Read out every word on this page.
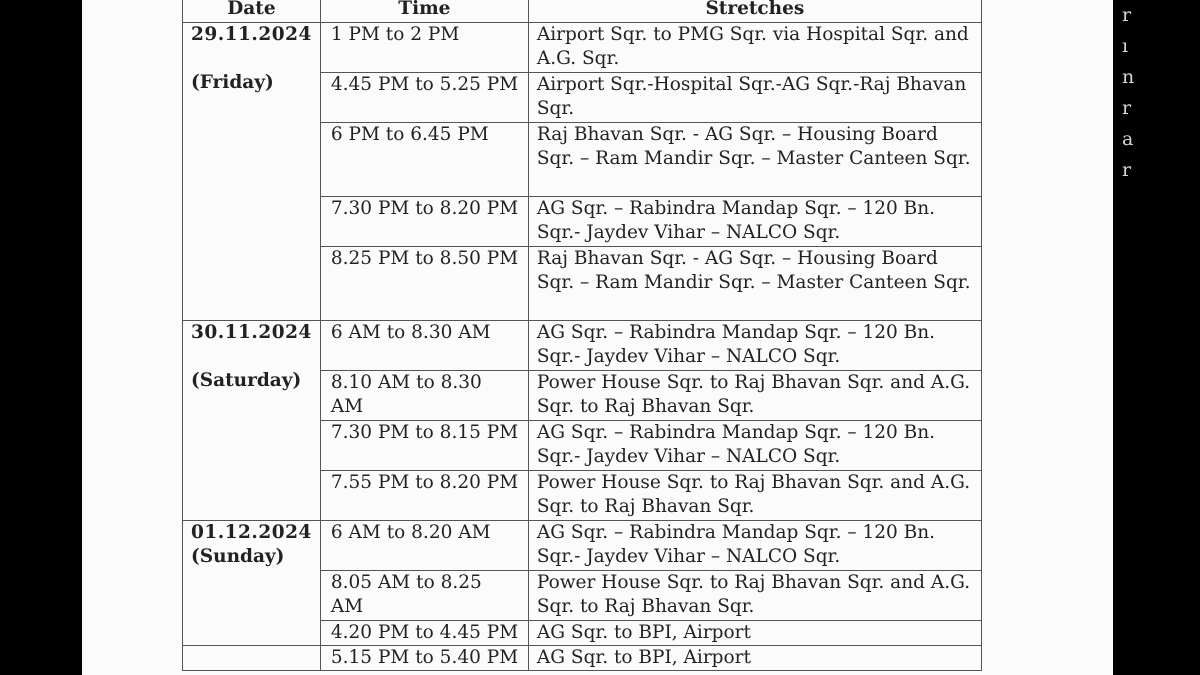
r
ı
n
r
a
r
Date	Time	Stretches

29.11.2024
(Friday)	1 PM to 2 PM	Airport Sqr. to PMG Sqr. via Hospital Sqr. and A.G. Sqr.
	4.45 PM to 5.25 PM	Airport Sqr.-Hospital Sqr.-AG Sqr.-Raj Bhavan Sqr.
	6 PM to 6.45 PM	Raj Bhavan Sqr. - AG Sqr. – Housing Board Sqr. – Ram Mandir Sqr. – Master Canteen Sqr.
	7.30 PM to 8.20 PM	AG Sqr. – Rabindra Mandap Sqr. – 120 Bn. Sqr.- Jaydev Vihar – NALCO Sqr.
	8.25 PM to 8.50 PM	Raj Bhavan Sqr. - AG Sqr. – Housing Board Sqr. – Ram Mandir Sqr. – Master Canteen Sqr.

30.11.2024
(Saturday)	6 AM to 8.30 AM	AG Sqr. – Rabindra Mandap Sqr. – 120 Bn. Sqr.- Jaydev Vihar – NALCO Sqr.
	8.10 AM to 8.30 AM	Power House Sqr. to Raj Bhavan Sqr. and A.G. Sqr. to Raj Bhavan Sqr.
	7.30 PM to 8.15 PM	AG Sqr. – Rabindra Mandap Sqr. – 120 Bn. Sqr.- Jaydev Vihar – NALCO Sqr.
	7.55 PM to 8.20 PM	Power House Sqr. to Raj Bhavan Sqr. and A.G. Sqr. to Raj Bhavan Sqr.

01.12.2024
(Sunday)	6 AM to 8.20 AM	AG Sqr. – Rabindra Mandap Sqr. – 120 Bn. Sqr.- Jaydev Vihar – NALCO Sqr.
	8.05 AM to 8.25 AM	Power House Sqr. to Raj Bhavan Sqr. and A.G. Sqr. to Raj Bhavan Sqr.
	4.20 PM to 4.45 PM	AG Sqr. to BPI, Airport
	5.15 PM to 5.40 PM	AG Sqr. to BPI, Airport
